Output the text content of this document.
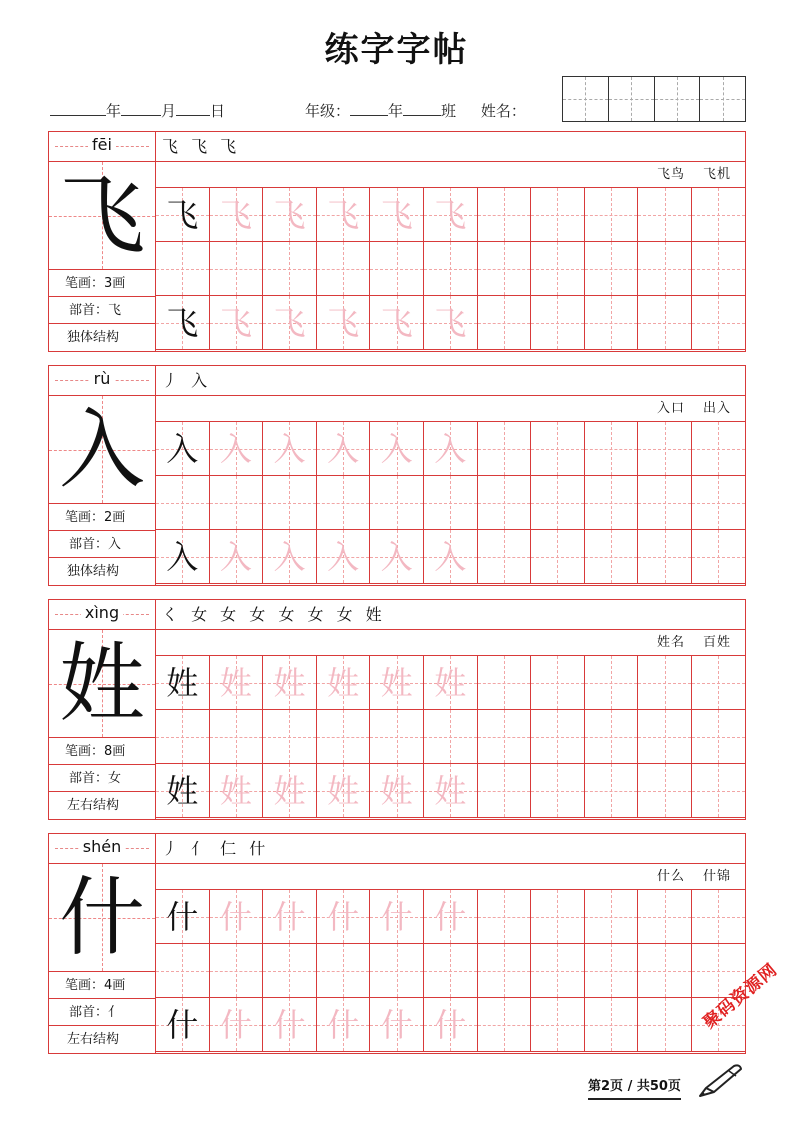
练字字帖
年	月 日	年级：	年	班 姓名：
fēi
飞
笔画：3画
部首：飞
独体结构
飞 飞 飞
飞鸟 飞机
飞 飞 飞 飞 飞 飞
飞 飞 飞 飞 飞 飞
rù
入
笔画：2画
部首：入
独体结构
丿 入
入口 出入
入 入 入 入 入 入
入 入 入 入 入 入
xìng
姓
笔画：8画
部首：女
左右结构
く 女 女 女 女 女 女 姓
姓名 百姓
姓 姓 姓 姓 姓 姓
姓 姓 姓 姓 姓 姓
shén
什
笔画：4画
部首：亻
左右结构
丿 亻 仁 什
什么 什锦
什 什 什 什 什 什
什 什 什 什 什 什
第2页 / 共50页
聚码资源网
